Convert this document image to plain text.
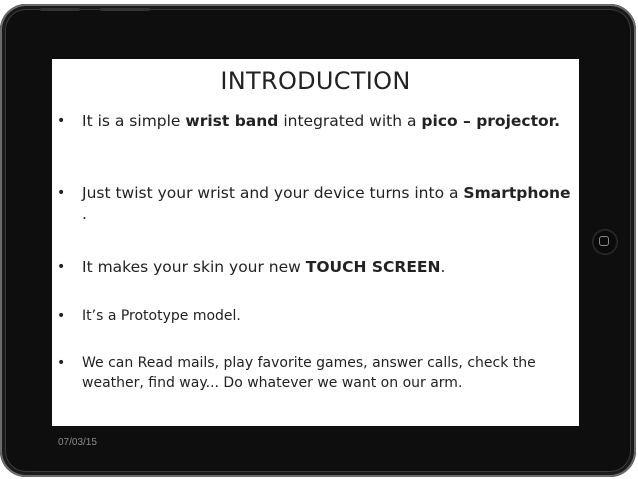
INTRODUCTION
• It is a simple wrist band integrated with a pico – projector.
• Just twist your wrist and your device turns into a Smartphone .
• It makes your skin your new TOUCH SCREEN.
• It’s a Prototype model.
• We can Read mails, play favorite games, answer calls, check the weather, find way... Do whatever we want on our arm.
07/03/15
